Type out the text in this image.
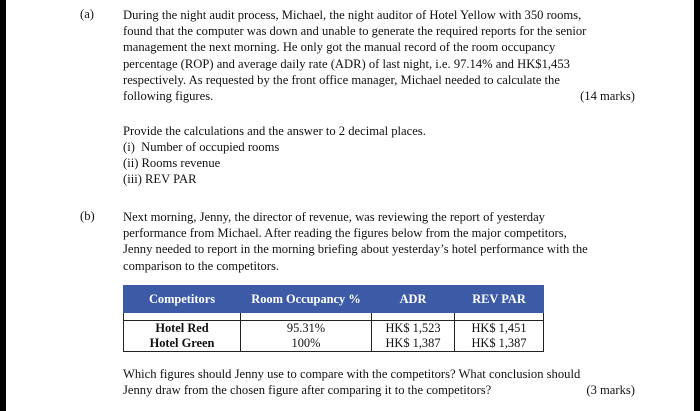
(a) During the night audit process, Michael, the night auditor of Hotel Yellow with 350 rooms,

found that the computer was down and unable to generate the required reports for the senior

management the next morning. He only got the manual record of the room occupancy

percentage (ROP) and average daily rate (ADR) of last night, i.e. 97.14% and HK$1,453

respectively. As requested by the front office manager, Michael needed to calculate the

following figures.	(14 marks)

Provide the calculations and the answer to 2 decimal places.

(i)  Number of occupied rooms

(ii) Rooms revenue

(iii) REV PAR

(b) Next morning, Jenny, the director of revenue, was reviewing the report of yesterday

performance from Michael. After reading the figures below from the major competitors,

Jenny needed to report in the morning briefing about yesterday’s hotel performance with the

comparison to the competitors.

Competitors	Room Occupancy %	ADR	REV PAR

Hotel Red	95.31%	HK$ 1,523	HK$ 1,451
Hotel Green	100%	HK$ 1,387	HK$ 1,387

Which figures should Jenny use to compare with the competitors? What conclusion should

Jenny draw from the chosen figure after comparing it to the competitors?	(3 marks)
